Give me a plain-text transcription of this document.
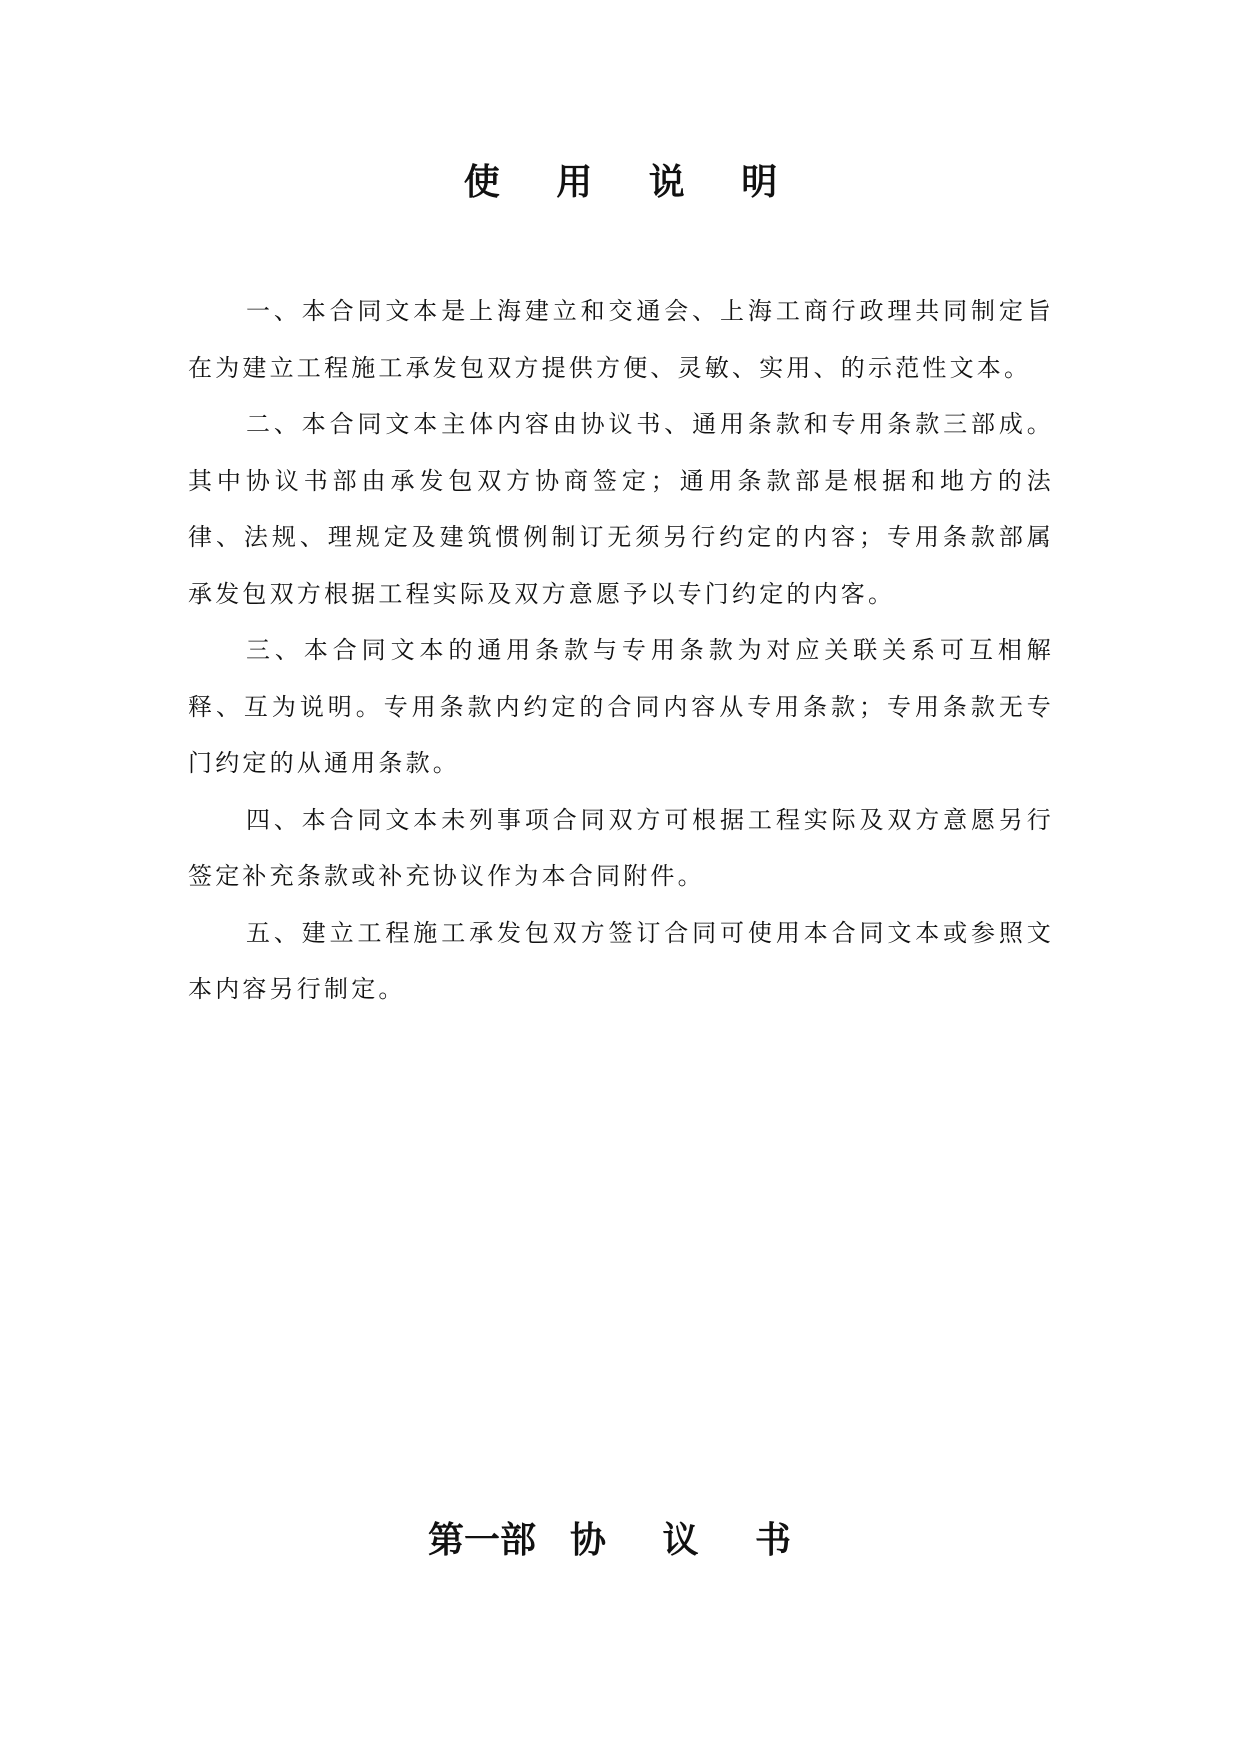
使 用 说 明

一、本合同文本是上海建立和交通会、上海工商行政理共同制定旨在为建立工程施工承发包双方提供方便、灵敏、实用、的示范性文本。

二、本合同文本主体内容由协议书、通用条款和专用条款三部成。其中协议书部由承发包双方协商签定；通用条款部是根据和地方的法律、法规、理规定及建筑惯例制订无须另行约定的内容；专用条款部属承发包双方根据工程实际及双方意愿予以专门约定的内客。

三、本合同文本的通用条款与专用条款为对应关联关系可互相解释、互为说明。专用条款内约定的合同内容从专用条款；专用条款无专门约定的从通用条款。

四、本合同文本未列事项合同双方可根据工程实际及双方意愿另行签定补充条款或补充协议作为本合同附件。

五、建立工程施工承发包双方签订合同可使用本合同文本或参照文本内容另行制定。

第一部 协 议 书
